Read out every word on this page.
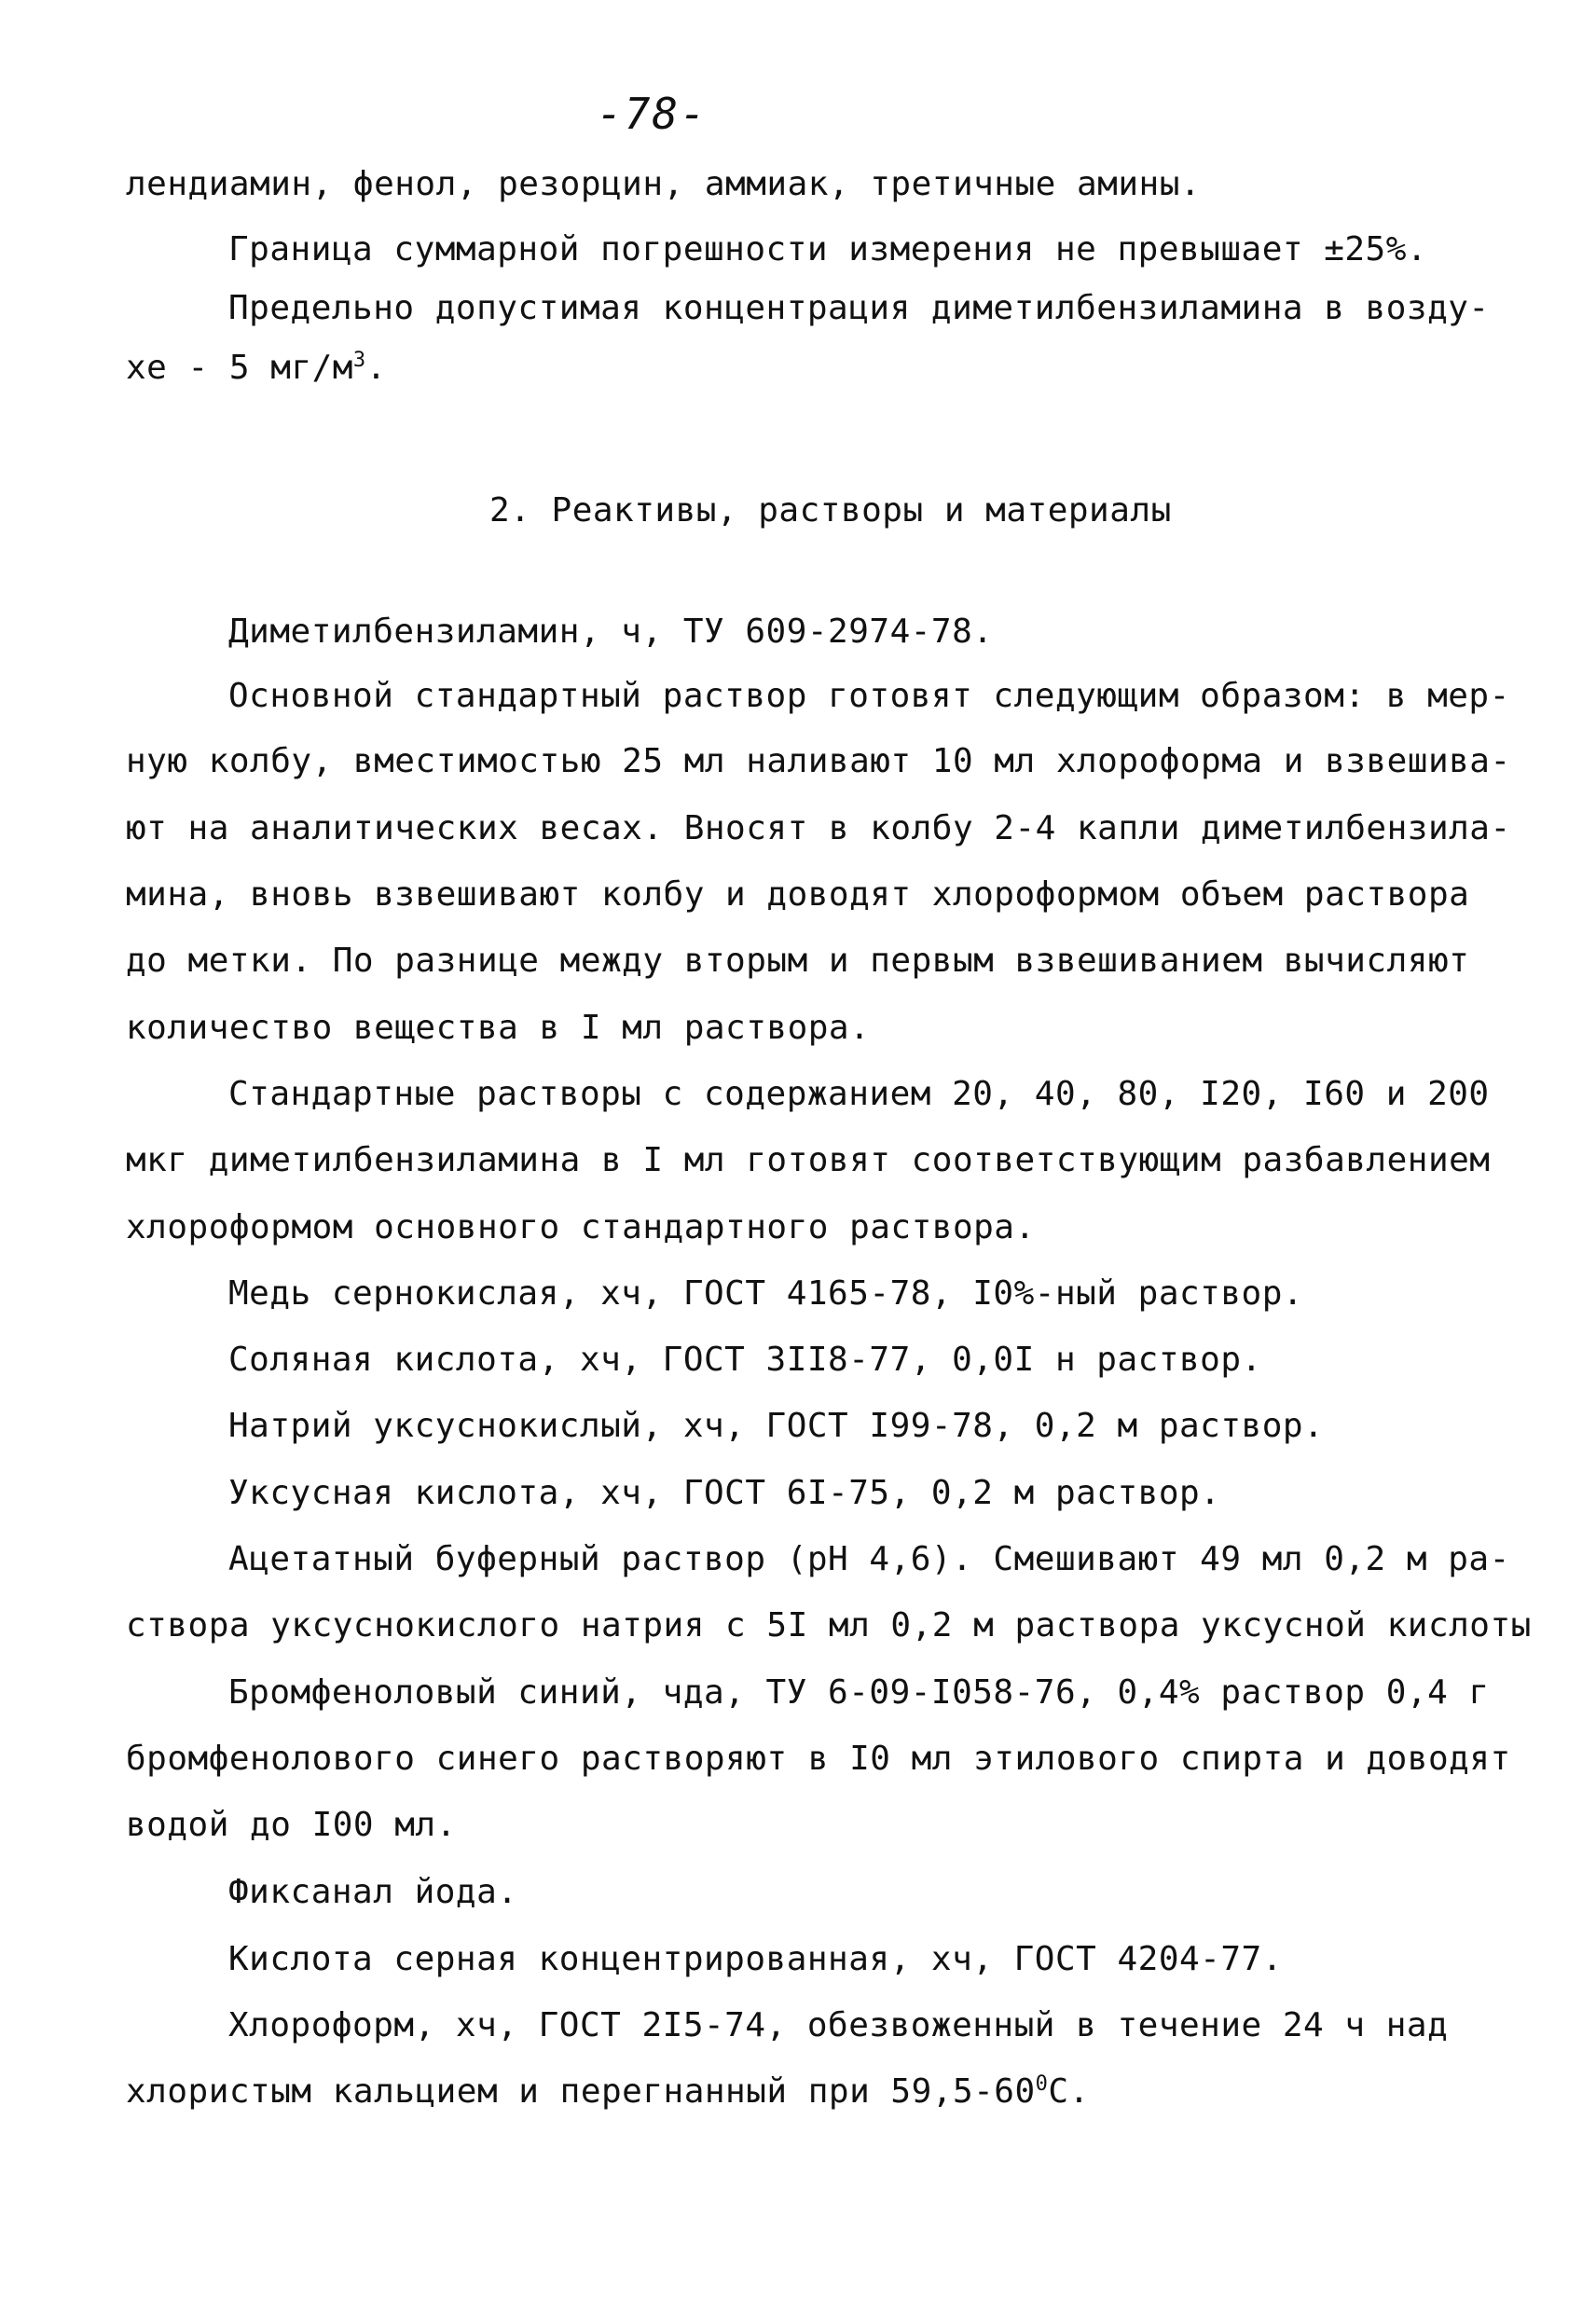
-78-
лендиамин, фенол, резорцин, аммиак, третичные амины.
Граница суммарной погрешности измерения не превышает ±25%.
Предельно допустимая концентрация диметилбензиламина в возду-
хе - 5 $мг/м^3$.
2. Реактивы, растворы и материалы
Диметилбензиламин, ч, ТУ 609-2974-78.
Основной стандартный раствор готовят следующим образом: в мер-
ную колбу, вместимостью 25 мл наливают 10 мл хлороформа и взвешива-
ют на аналитических весах. Вносят в колбу 2-4 капли диметилбензила-
мина, вновь взвешивают колбу и доводят хлороформом объем раствора
до метки. По разнице между вторым и первым взвешиванием вычисляют
количество вещества в I мл раствора.
Стандартные растворы с содержанием 20, 40, 80, I20, I60 и 200
мкг диметилбензиламина в I мл готовят соответствующим разбавлением
хлороформом основного стандартного раствора.
Медь сернокислая, хч, ГОСТ 4165-78, I0%-ный раствор.
Соляная кислота, хч, ГОСТ 3II8-77, 0,0I н раствор.
Натрий уксуснокислый, хч, ГОСТ I99-78, 0,2 м раствор.
Уксусная кислота, хч, ГОСТ 6I-75, 0,2 м раствор.
Ацетатный буферный раствор (pH 4,6). Смешивают 49 мл 0,2 м ра-
створа уксуснокислого натрия с 5I мл 0,2 м раствора уксусной кислоты
Бромфеноловый синий, чда, ТУ 6-09-I058-76, 0,4% раствор 0,4 г
бромфенолового синего растворяют в I0 мл этилового спирта и доводят
водой до I00 мл.
Фиксанал йода.
Кислота серная концентрированная, хч, ГОСТ 4204-77.
Хлороформ, хч, ГОСТ 2I5-74, обезвоженный в течение 24 ч над
хлористым кальцием и перегнанный при $59,5-60^0С$.
